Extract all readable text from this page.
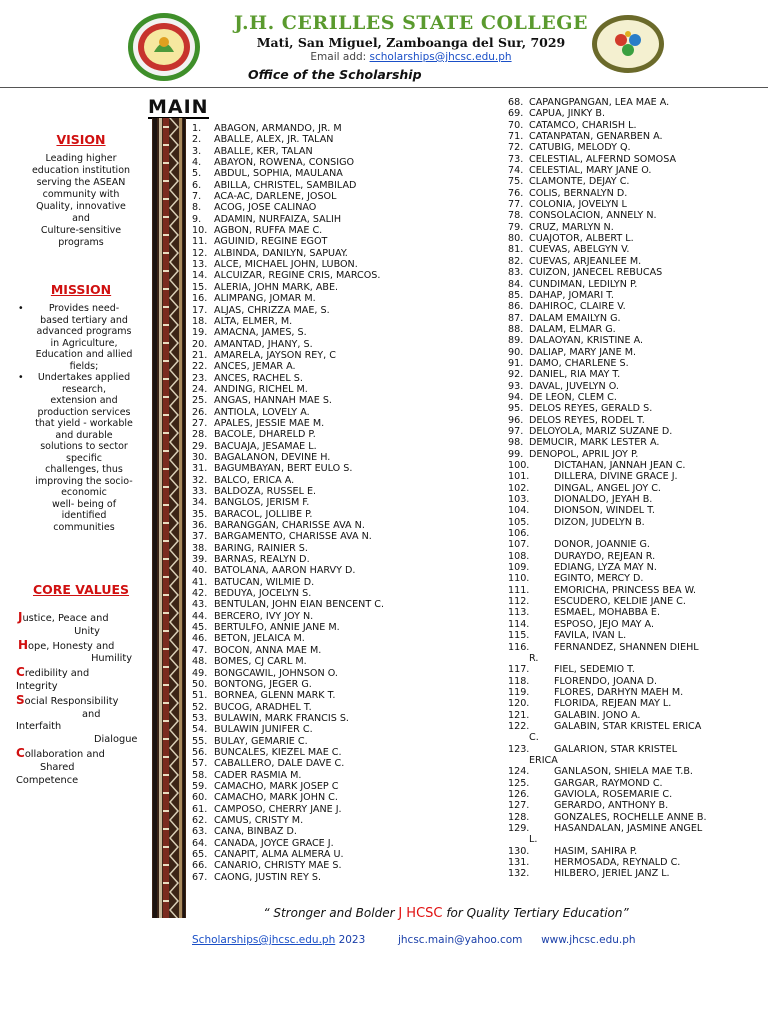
J.H. CERILLES STATE COLLEGE
Mati, San Miguel, Zamboanga del Sur, 7029
Email add: scholarships@jhcsc.edu.ph
Office of the Scholarship
VISION
Leading higher
education institution
serving the ASEAN
community with
Quality, innovative
and
Culture-sensitive
programs
MISSION
• Provides need-
based tertiary and
advanced programs
in Agriculture,
Education and allied
fields;
• Undertakes applied
research,
extension and
production services
that yield - workable
and durable
solutions to sector
specific
challenges, thus
improving the socio-
economic
well- being of
identified
communities
CORE VALUES
Justice, Peace and
Unity
Hope, Honesty and
Humility
Credibility and
Integrity
Social Responsibility
and
Interfaith
Dialogue
Collaboration and
Shared
Competence
MAIN
1. ABAGON, ARMANDO, JR. M
2. ABALLE, ALEX, JR. TALAN
3. ABALLE, KER, TALAN
4. ABAYON, ROWENA, CONSIGO
5. ABDUL, SOPHIA, MAULANA
6. ABILLA, CHRISTEL, SAMBILAD
7. ACA-AC, DARLENE, JOSOL
8. ACOG, JOSE CALINAO
9. ADAMIN, NURFAIZA, SALIH
10. AGBON, RUFFA MAE C.
11. AGUINID, REGINE EGOT
12. ALBINDA, DANILYN, SAPUAY.
13. ALCE, MICHAEL JOHN, LUBON.
14. ALCUIZAR, REGINE CRIS, MARCOS.
15. ALERIA, JOHN MARK, ABE.
16. ALIMPANG, JOMAR M.
17. ALJAS, CHRIZZA MAE, S.
18. ALTA, ELMER, M.
19. AMACNA, JAMES, S.
20. AMANTAD, JHANY, S.
21. AMARELA, JAYSON REY, C
22. ANCES, JEMAR A.
23. ANCES, RACHEL S.
24. ANDING, RICHEL M.
25. ANGAS, HANNAH MAE S.
26. ANTIOLA, LOVELY A.
27. APALES, JESSIE MAE M.
28. BACOLE, DHARELD P.
29. BACUAJA, JESAMAE L.
30. BAGALANON, DEVINE H.
31. BAGUMBAYAN, BERT EULO S.
32. BALCO, ERICA A.
33. BALDOZA, RUSSEL E.
34. BANGLOS, JERISM F.
35. BARACOL, JOLLIBE P.
36. BARANGGAN, CHARISSE AVA N.
37. BARGAMENTO, CHARISSE AVA N.
38. BARING, RAINIER S.
39. BARNAS, REALYN D.
40. BATOLANA, AARON HARVY D.
41. BATUCAN, WILMIE D.
42. BEDUYA, JOCELYN S.
43. BENTULAN, JOHN EIAN BENCENT C.
44. BERCERO, IVY JOY N.
45. BERTULFO, ANNIE JANE M.
46. BETON, JELAICA M.
47. BOCON, ANNA MAE M.
48. BOMES, CJ CARL M.
49. BONGCAWIL, JOHNSON O.
50. BONTONG, JEGER G.
51. BORNEA, GLENN MARK T.
52. BUCOG, ARADHEL T.
53. BULAWIN, MARK FRANCIS S.
54. BULAWIN JUNIFER C.
55. BULAY, GEMARIE C.
56. BUNCALES, KIEZEL MAE C.
57. CABALLERO, DALE DAVE C.
58. CADER RASMIA M.
59. CAMACHO, MARK JOSEP C
60. CAMACHO, MARK JOHN C.
61. CAMPOSO, CHERRY JANE J.
62. CAMUS, CRISTY M.
63. CANA, BINBAZ D.
64. CANADA, JOYCE GRACE J.
65. CANAPIT, ALMA ALMERA U.
66. CANARIO, CHRISTY MAE S.
67. CAONG, JUSTIN REY S.
68. CAPANGPANGAN, LEA MAE A.
69. CAPUA, JINKY B.
70. CATAMCO, CHARISH L.
71. CATANPATAN, GENARBEN A.
72. CATUBIG, MELODY Q.
73. CELESTIAL, ALFERND SOMOSA
74. CELESTIAL, MARY JANE O.
75. CLAMONTE, DEJAY C.
76. COLIS, BERNALYN D.
77. COLONIA, JOVELYN L
78. CONSOLACION, ANNELY N.
79. CRUZ, MARLYN N.
80. CUAJOTOR, ALBERT L.
81. CUEVAS, ABELGYN V.
82. CUEVAS, ARJEANLEE M.
83. CUIZON, JANECEL REBUCAS
84. CUNDIMAN, LEDILYN P.
85. DAHAP, JOMARI T.
86. DAHIROC, CLAIRE V.
87. DALAM EMAILYN G.
88. DALAM, ELMAR G.
89. DALAOYAN, KRISTINE A.
90. DALIAP, MARY JANE M.
91. DAMO, CHARLENE S.
92. DANIEL, RIA MAY T.
93. DAVAL, JUVELYN O.
94. DE LEON, CLEM C.
95. DELOS REYES, GERALD S.
96. DELOS REYES, RODEL T.
97. DELOYOLA, MARIZ SUZANE D.
98. DEMUCIR, MARK LESTER A.
99. DENOPOL, APRIL JOY P.
100.	DICTAHAN, JANNAH JEAN C.
101.	DILLERA, DIVINE GRACE J.
102.	DINGAL, ANGEL JOY C.
103.	DIONALDO, JEYAH B.
104.	DIONSON, WINDEL T.
105.	DIZON, JUDELYN B.
106.
107.	DONOR, JOANNIE G.
108.	DURAYDO, REJEAN R.
109.	EDIANG, LYZA MAY N.
110.	EGINTO, MERCY D.
111.	EMORICHA, PRINCESS BEA W.
112.	ESCUDERO, KELDIE JANE C.
113.	ESMAEL, MOHABBA E.
114.	ESPOSO, JEJO MAY A.
115.	FAVILA, IVAN L.
116.	FERNANDEZ, SHANNEN DIEHL
R.
117.	FIEL, SEDEMIO T.
118.	FLORENDO, JOANA D.
119.	FLORES, DARHYN MAEH M.
120.	FLORIDA, REJEAN MAY L.
121.	GALABIN. JONO A.
122.	GALABIN, STAR KRISTEL ERICA
C.
123.	GALARION, STAR KRISTEL
ERICA
124.	GANLASON, SHIELA MAE T.B.
125.	GARGAR, RAYMOND C.
126.	GAVIOLA, ROSEMARIE C.
127.	GERARDO, ANTHONY B.
128.	GONZALES, ROCHELLE ANNE B.
129.	HASANDALAN, JASMINE ANGEL
L.
130.	HASIM, SAHIRA P.
131.	HERMOSADA, REYNALD C.
132.	HILBERO, JERIEL JANZ L.
“ Stronger and Bolder J HCSC for Quality Tertiary Education”
Scholarships@jhcsc.edu.ph 2023	jhcsc.main@yahoo.com www.jhcsc.edu.ph
